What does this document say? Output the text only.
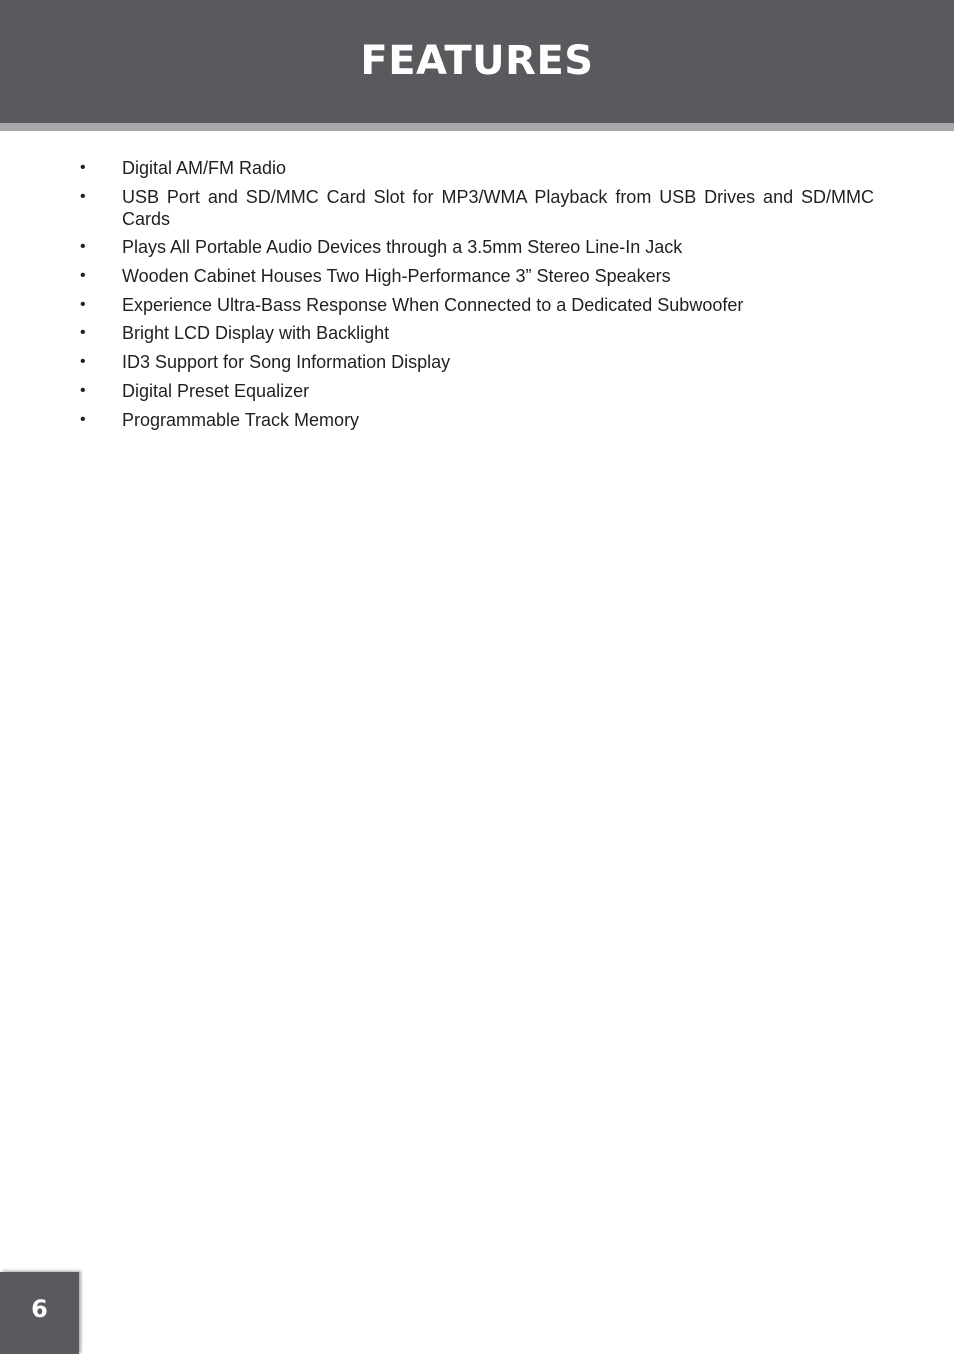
FEATURES
•	Digital AM/FM Radio
•	USB Port and SD/MMC Card Slot for MP3/WMA Playback from USB Drives and SD/MMC Cards
•	Plays All Portable Audio Devices through a 3.5mm Stereo Line-In Jack
•	Wooden Cabinet Houses Two High-Performance 3” Stereo Speakers
•	Experience Ultra-Bass Response When Connected to a Dedicated Subwoofer
•	Bright LCD Display with Backlight
•	ID3 Support for Song Information Display
•	Digital Preset Equalizer
•	Programmable Track Memory
6
